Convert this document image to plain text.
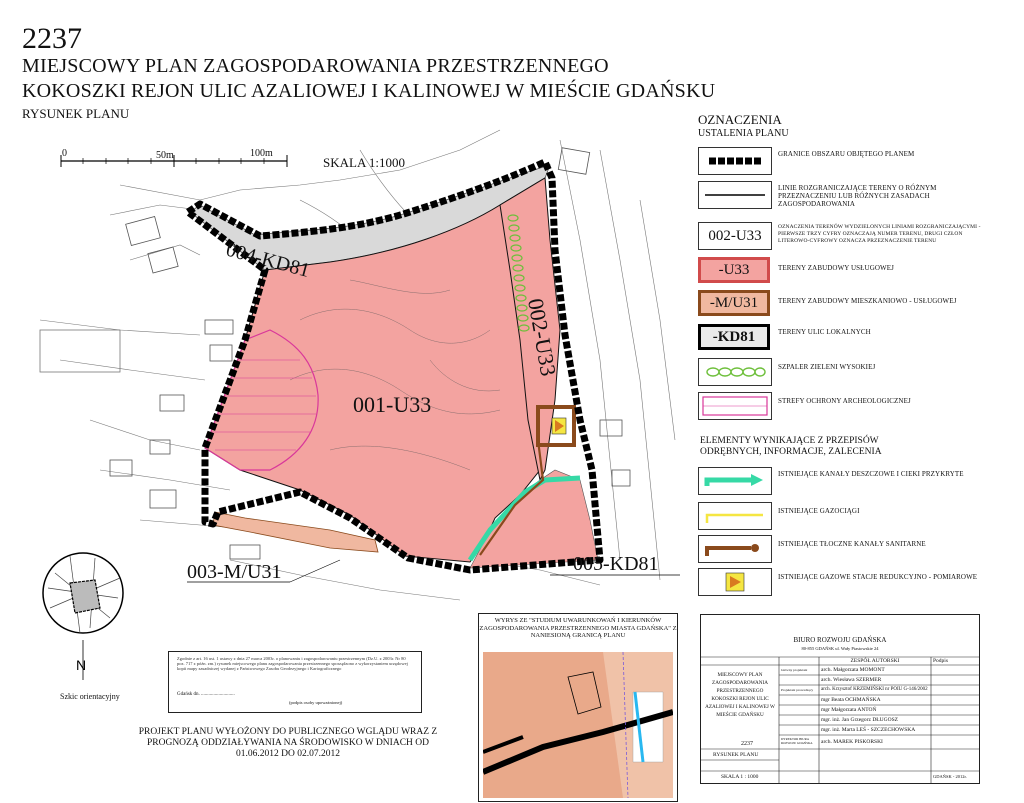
2237
MIEJSCOWY PLAN ZAGOSPODAROWANIA PRZESTRZENNEGO
KOKOSZKI REJON ULIC AZALIOWEJ I KALINOWEJ W MIEŚCIE GDAŃSKU
RYSUNEK PLANU
0	50m	100m
SKALA 1:1000
001-U33
002-U33
003-M/U31
004-KD81
005-KD81
N
Szkic orientacyjny
Zgodnie z art. 16 ust. 1 ustawy z dnia 27 marca 2003r. o planowaniu i zagospodarowaniu przestrzennym (Dz.U. z 2003r. Nr 80 poz. 717 z późn. zm.) rysunek miejscowego planu zagospodarowania przestrzennego sporządzono z wykorzystaniem urzędowej kopii mapy zasadniczej wydanej z Państwowego Zasobu Geodezyjnego i Kartograficznego
Gdańsk dn. ...........................
(podpis osoby upoważnionej)
PROJEKT PLANU WYŁOŻONY DO PUBLICZNEGO WGLĄDU WRAZ Z PROGNOZĄ ODDZIAŁYWANIA NA ŚRODOWISKO W DNIACH OD 01.06.2012 DO 02.07.2012
WYRYS ZE "STUDIUM UWARUNKOWAŃ I KIERUNKÓW ZAGOSPODAROWANIA PRZESTRZENNEGO MIASTA GDAŃSKA" Z NANIESIONĄ GRANICĄ PLANU
OZNACZENIA
USTALENIA PLANU
GRANICE OBSZARU OBJĘTEGO PLANEM
LINIE ROZGRANICZAJĄCE TERENY O RÓŻNYM PRZEZNACZENIU LUB RÓŻNYCH ZASADACH ZAGOSPODAROWANIA
002-U33
OZNACZENIA TERENÓW WYDZIELONYCH LINIAMI ROZGRANICZAJĄCYMI - PIERWSZE TRZY CYFRY OZNACZAJĄ NUMER TERENU, DRUGI CZŁON LITEROWO-CYFROWY OZNACZA PRZEZNACZENIE TERENU
-U33	TERENY ZABUDOWY USŁUGOWEJ
-M/U31	TERENY ZABUDOWY MIESZKANIOWO - USŁUGOWEJ
-KD81	TERENY ULIC LOKALNYCH
SZPALER ZIELENI WYSOKIEJ
STREFY OCHRONY ARCHEOLOGICZNEJ
ELEMENTY WYNIKAJĄCE Z PRZEPISÓW ODRĘBNYCH, INFORMACJE, ZALECENIA
ISTNIEJĄCE KANAŁY DESZCZOWE I CIEKI PRZYKRYTE
ISTNIEJĄCE GAZOCIĄGI
ISTNIEJĄCE TŁOCZNE KANAŁY SANITARNE
ISTNIEJĄCE GAZOWE STACJE REDUKCYJNO - POMIAROWE
BIURO ROZWOJU GDAŃSKA
80-855 GDAŃSK ul. Wały Piastowskie 24
ZESPÓŁ AUTORSKI	Podpis
MIEJSCOWY PLAN ZAGOSPODAROWANIA PRZESTRZENNEGO KOKOSZKI REJON ULIC AZALIOWEJ I KALINOWEJ W MIEŚCIE GDAŃSKU
Główny projektant arch. Małgorzata MOMONT
arch. Wiesława SZERMER
Projektant prowadzący arch. Krzysztof KRZEMIŃSKI nr POIU G-146/2002
mgr Beata OCHMAŃSKA
mgr Małgorzata ANTOŃ
mgr. inż. Jan Grzegorz DŁUGOSZ
mgr. inż. Marta LEŚ - SZCZECHOWSKA
DYREKTOR BIURA ROZWOJU GDAŃSKA	arch. MAREK PISKORSKI
2237
RYSUNEK PLANU
SKALA 1 : 1000	GDAŃSK - 2012r.
